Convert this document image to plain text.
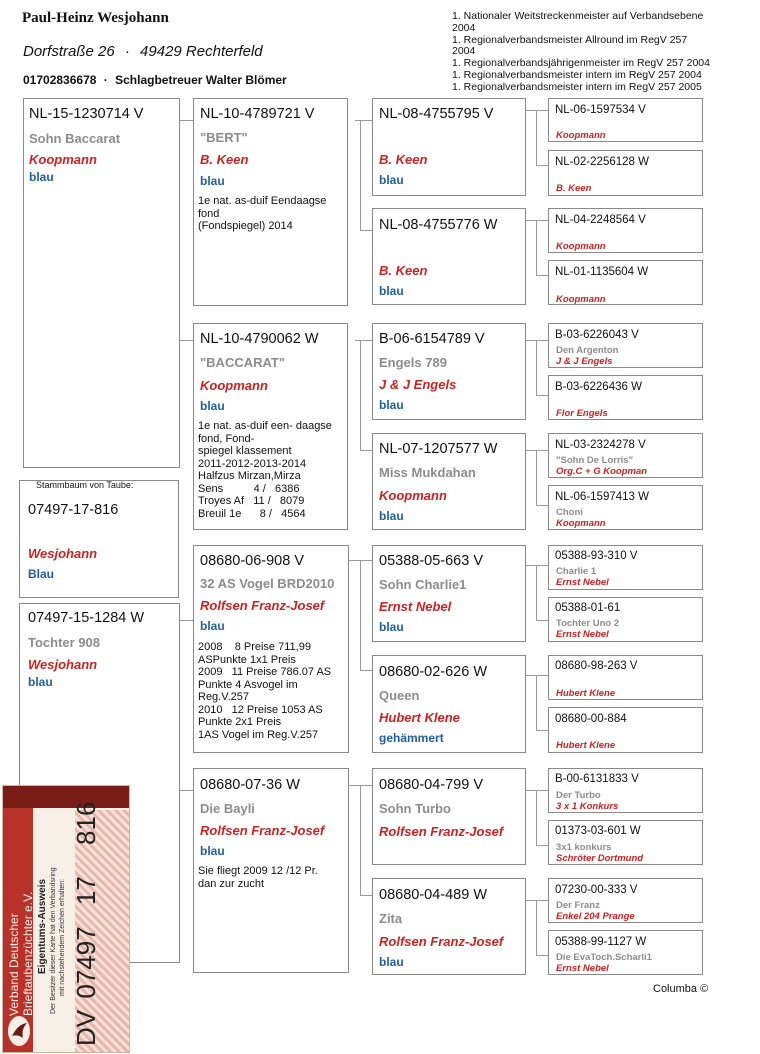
Paul-Heinz Wesjohann
Dorfstraße 26 · 49429 Rechterfeld
01702836678 · Schlagbetreuer Walter Blömer
1. Nationaler Weitstreckenmeister auf Verbandsebene
2004
1. Regionalverbandsmeister Allround im RegV 257
2004
1. Regionalverbandsjährigenmeister im RegV 257 2004
1. Regionalverbandsmeister intern im RegV 257 2004
1. Regionalverbandsmeister intern im RegV 257 2005
NL-15-1230714 V
Sohn Baccarat
Koopmann
blau
Stammbaum von Taube:
07497-17-816
Wesjohann
Blau
07497-15-1284 W
Tochter 908
Wesjohann
blau
NL-10-4789721 V
"BERT"
B. Keen
blau
1e nat. as-duif Eendaagse
fond
(Fondspiegel) 2014
NL-10-4790062 W
"BACCARAT"
Koopmann
blau
1e nat. as-duif een- daagse
fond, Fond-
spiegel klassement
2011-2012-2013-2014
Halfzus Mirzan,Mirza
Sens          4 /   6386
Troyes Af   11 /   8079
Breuil 1e      8 /   4564
08680-06-908 V
32 AS Vogel BRD2010
Rolfsen Franz-Josef
blau
2008    8 Preise 711,99
ASPunkte 1x1 Preis
2009   11 Preise 786.07 AS
Punkte 4 Asvogel im
Reg.V.257
2010   12 Preise 1053 AS
Punkte 2x1 Preis
1AS Vogel im Reg.V.257
08680-07-36 W
Die Bayli
Rolfsen Franz-Josef
blau
Sie fliegt 2009 12 /12 Pr.
dan zur zucht
NL-08-4755795 V
B. Keen
blau
NL-08-4755776 W
B. Keen
blau
B-06-6154789 V
Engels 789
J & J Engels
blau
NL-07-1207577 W
Miss Mukdahan
Koopmann
blau
05388-05-663 V
Sohn Charlie1
Ernst Nebel
blau
08680-02-626 W
Queen
Hubert Klene
gehämmert
08680-04-799 V
Sohn Turbo
Rolfsen Franz-Josef
08680-04-489 W
Zita
Rolfsen Franz-Josef
blau
NL-06-1597534 V
Koopmann
NL-02-2256128 W
B. Keen
NL-04-2248564 V
Koopmann
NL-01-1135604 W
Koopmann
B-03-6226043 V
Den Argenton
J & J Engels
B-03-6226436 W
Flor Engels
NL-03-2324278 V
"Sohn De Lorris"
Org.C + G Koopman
NL-06-1597413 W
Choni
Koopmann
05388-93-310 V
Charlie 1
Ernst Nebel
05388-01-61
Tochter Uno 2
Ernst Nebel
08680-98-263 V
Hubert Klene
08680-00-884
Hubert Klene
B-00-6131833 V
Der Turbo
3 x 1 Konkurs
01373-03-601 W
3x1 konkurs
Schröter Dortmund
07230-00-333 V
Der Franz
Enkel 204 Prange
05388-99-1127 W
Die EvaToch.Scharli1
Ernst Nebel
Columba ©
Verband Deutscher Brieftaubenzüchter e.V. Eigentums-Ausweis Der Besitzer dieser Karte hat den Verbandsring mit nachstehendem Zeichen erhalten:
DV 07497 17 816
